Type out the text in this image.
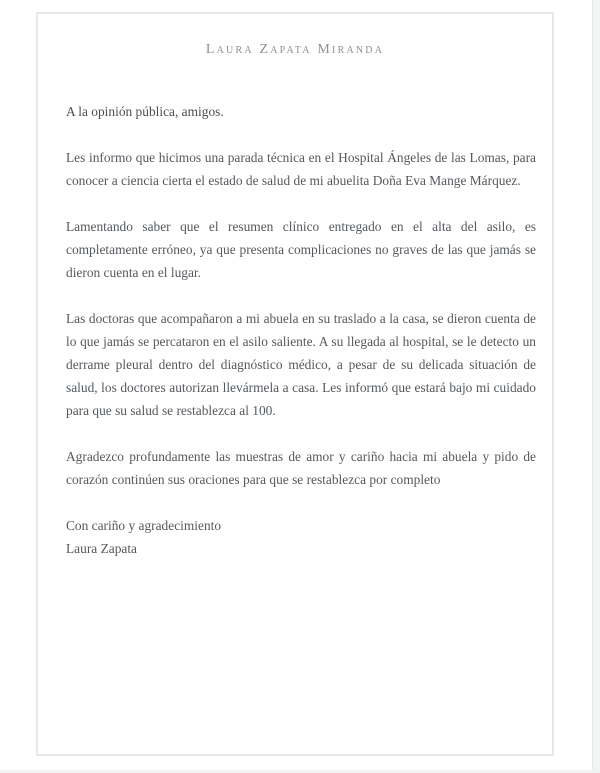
Laura Zapata Miranda

A la opinión pública, amigos.

Les informo que hicimos una parada técnica en el Hospital Ángeles de las Lomas, para conocer a ciencia cierta el estado de salud de mi abuelita Doña Eva Mange Márquez.

Lamentando saber que el resumen clínico entregado en el alta del asilo, es completamente erróneo, ya que presenta complicaciones no graves de las que jamás se dieron cuenta en el lugar.

Las doctoras que acompañaron a mi abuela en su traslado a la casa, se dieron cuenta de lo que jamás se percataron en el asilo saliente. A su llegada al hospital, se le detecto un derrame pleural dentro del diagnóstico médico, a pesar de su delicada situación de salud, los doctores autorizan llevármela a casa. Les informó que estará bajo mi cuidado para que su salud se restablezca al 100.

Agradezco profundamente las muestras de amor y cariño hacia mi abuela y pido de corazón continúen sus oraciones para que se restablezca por completo

Con cariño y agradecimiento

Laura Zapata
